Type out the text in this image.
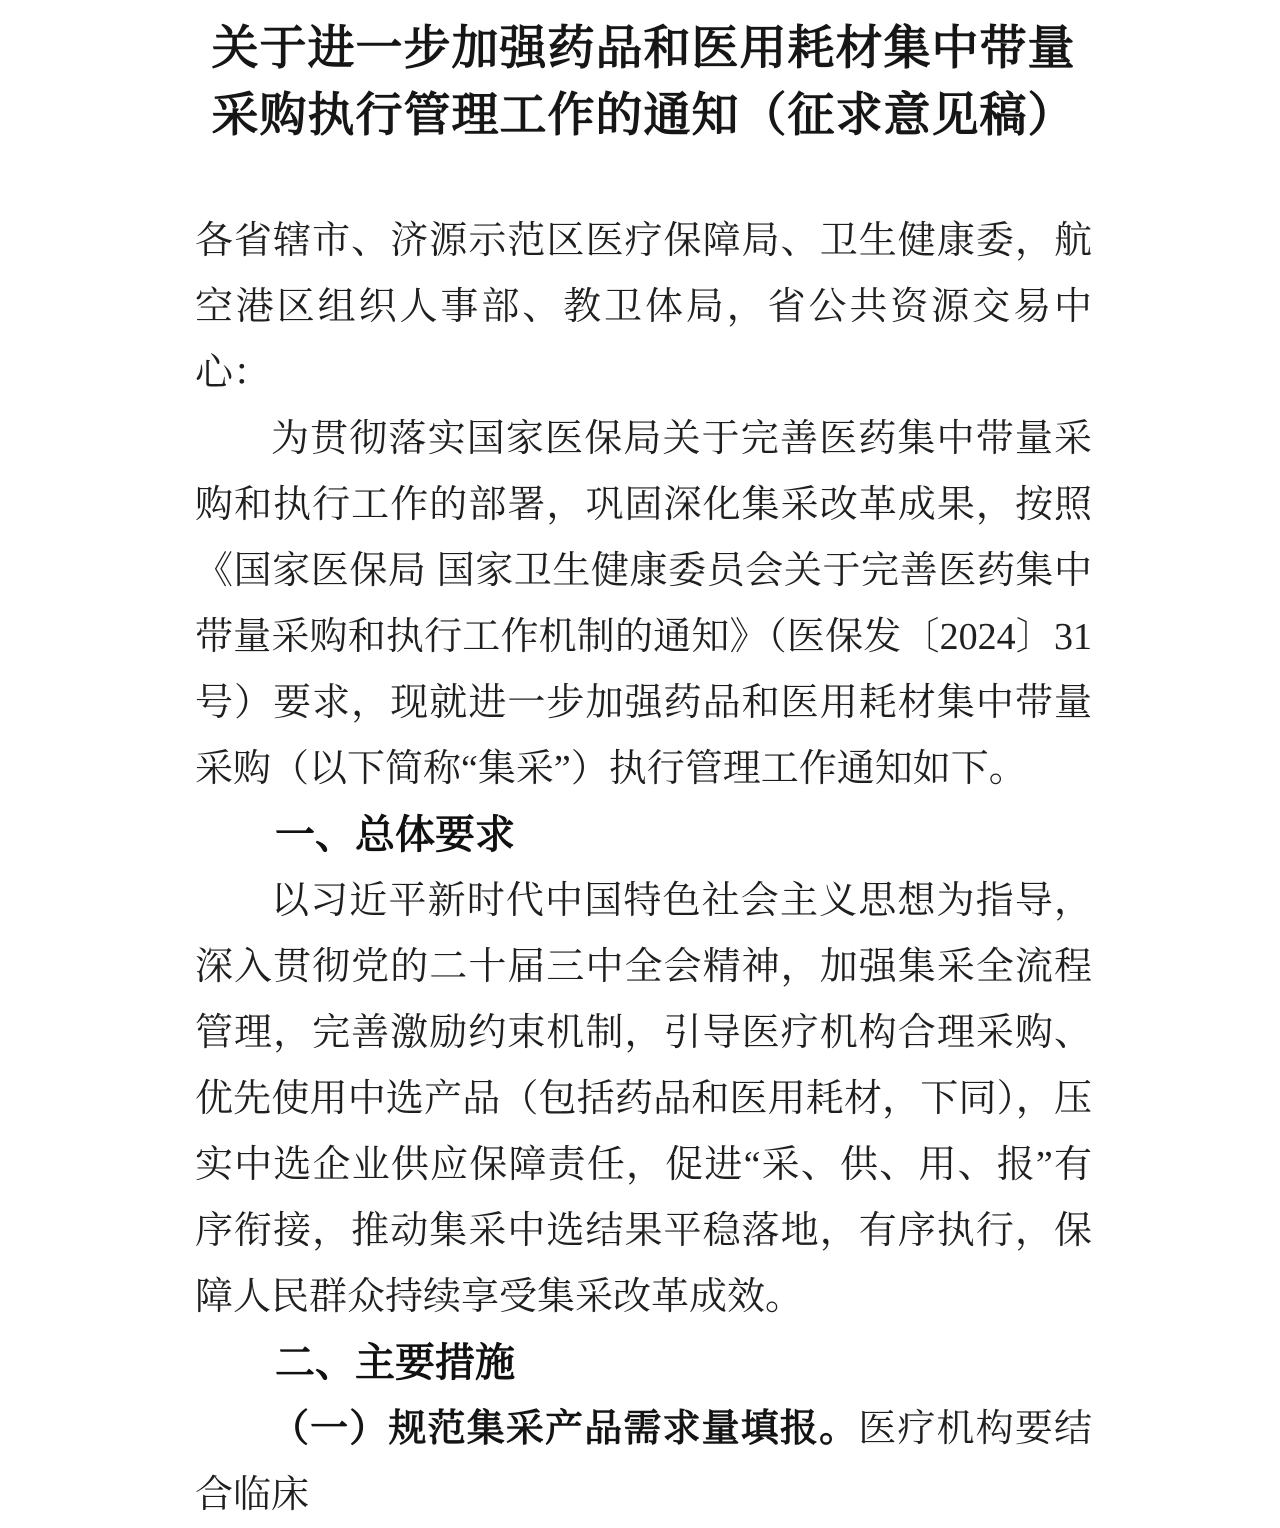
关于进一步加强药品和医用耗材集中带量
采购执行管理工作的通知（征求意见稿）

各省辖市、济源示范区医疗保障局、卫生健康委，航空港区组织人事部、教卫体局，省公共资源交易中心：

为贯彻落实国家医保局关于完善医药集中带量采购和执行工作的部署，巩固深化集采改革成果，按照《国家医保局 国家卫生健康委员会关于完善医药集中带量采购和执行工作机制的通知》（医保发〔2024〕31 号）要求，现就进一步加强药品和医用耗材集中带量采购（以下简称“集采”）执行管理工作通知如下。

一、总体要求

以习近平新时代中国特色社会主义思想为指导，深入贯彻党的二十届三中全会精神，加强集采全流程管理，完善激励约束机制，引导医疗机构合理采购、优先使用中选产品（包括药品和医用耗材，下同），压实中选企业供应保障责任，促进“采、供、用、报”有序衔接，推动集采中选结果平稳落地，有序执行，保障人民群众持续享受集采改革成效。

二、主要措施

（一）规范集采产品需求量填报。医疗机构要结合临床
